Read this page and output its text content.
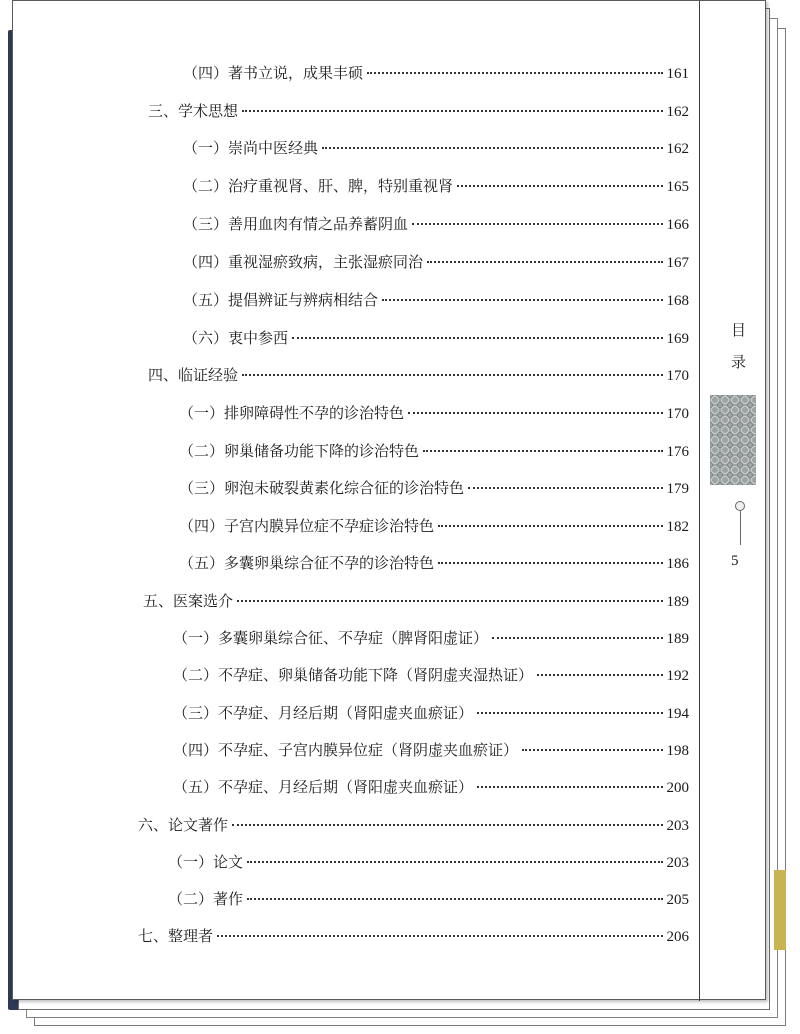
（四）著书立说，成果丰硕	161
三、学术思想	162
（一）崇尚中医经典	162
（二）治疗重视肾、肝、脾，特别重视肾	165
（三）善用血肉有情之品养蓄阴血	166
（四）重视湿瘀致病，主张湿瘀同治	167
（五）提倡辨证与辨病相结合	168
（六）衷中参西	169
四、临证经验	170
（一）排卵障碍性不孕的诊治特色	170
（二）卵巢储备功能下降的诊治特色	176
（三）卵泡未破裂黄素化综合征的诊治特色	179
（四）子宫内膜异位症不孕症诊治特色	182
（五）多囊卵巢综合征不孕的诊治特色	186
五、医案选介	189
（一）多囊卵巢综合征、不孕症（脾肾阳虚证）	189
（二）不孕症、卵巢储备功能下降（肾阴虚夹湿热证）	192
（三）不孕症、月经后期（肾阳虚夹血瘀证）	194
（四）不孕症、子宫内膜异位症（肾阴虚夹血瘀证）	198
（五）不孕症、月经后期（肾阳虚夹血瘀证）	200
六、论文著作	203
（一）论文	203
（二）著作	205
七、整理者	206
目
录
5
